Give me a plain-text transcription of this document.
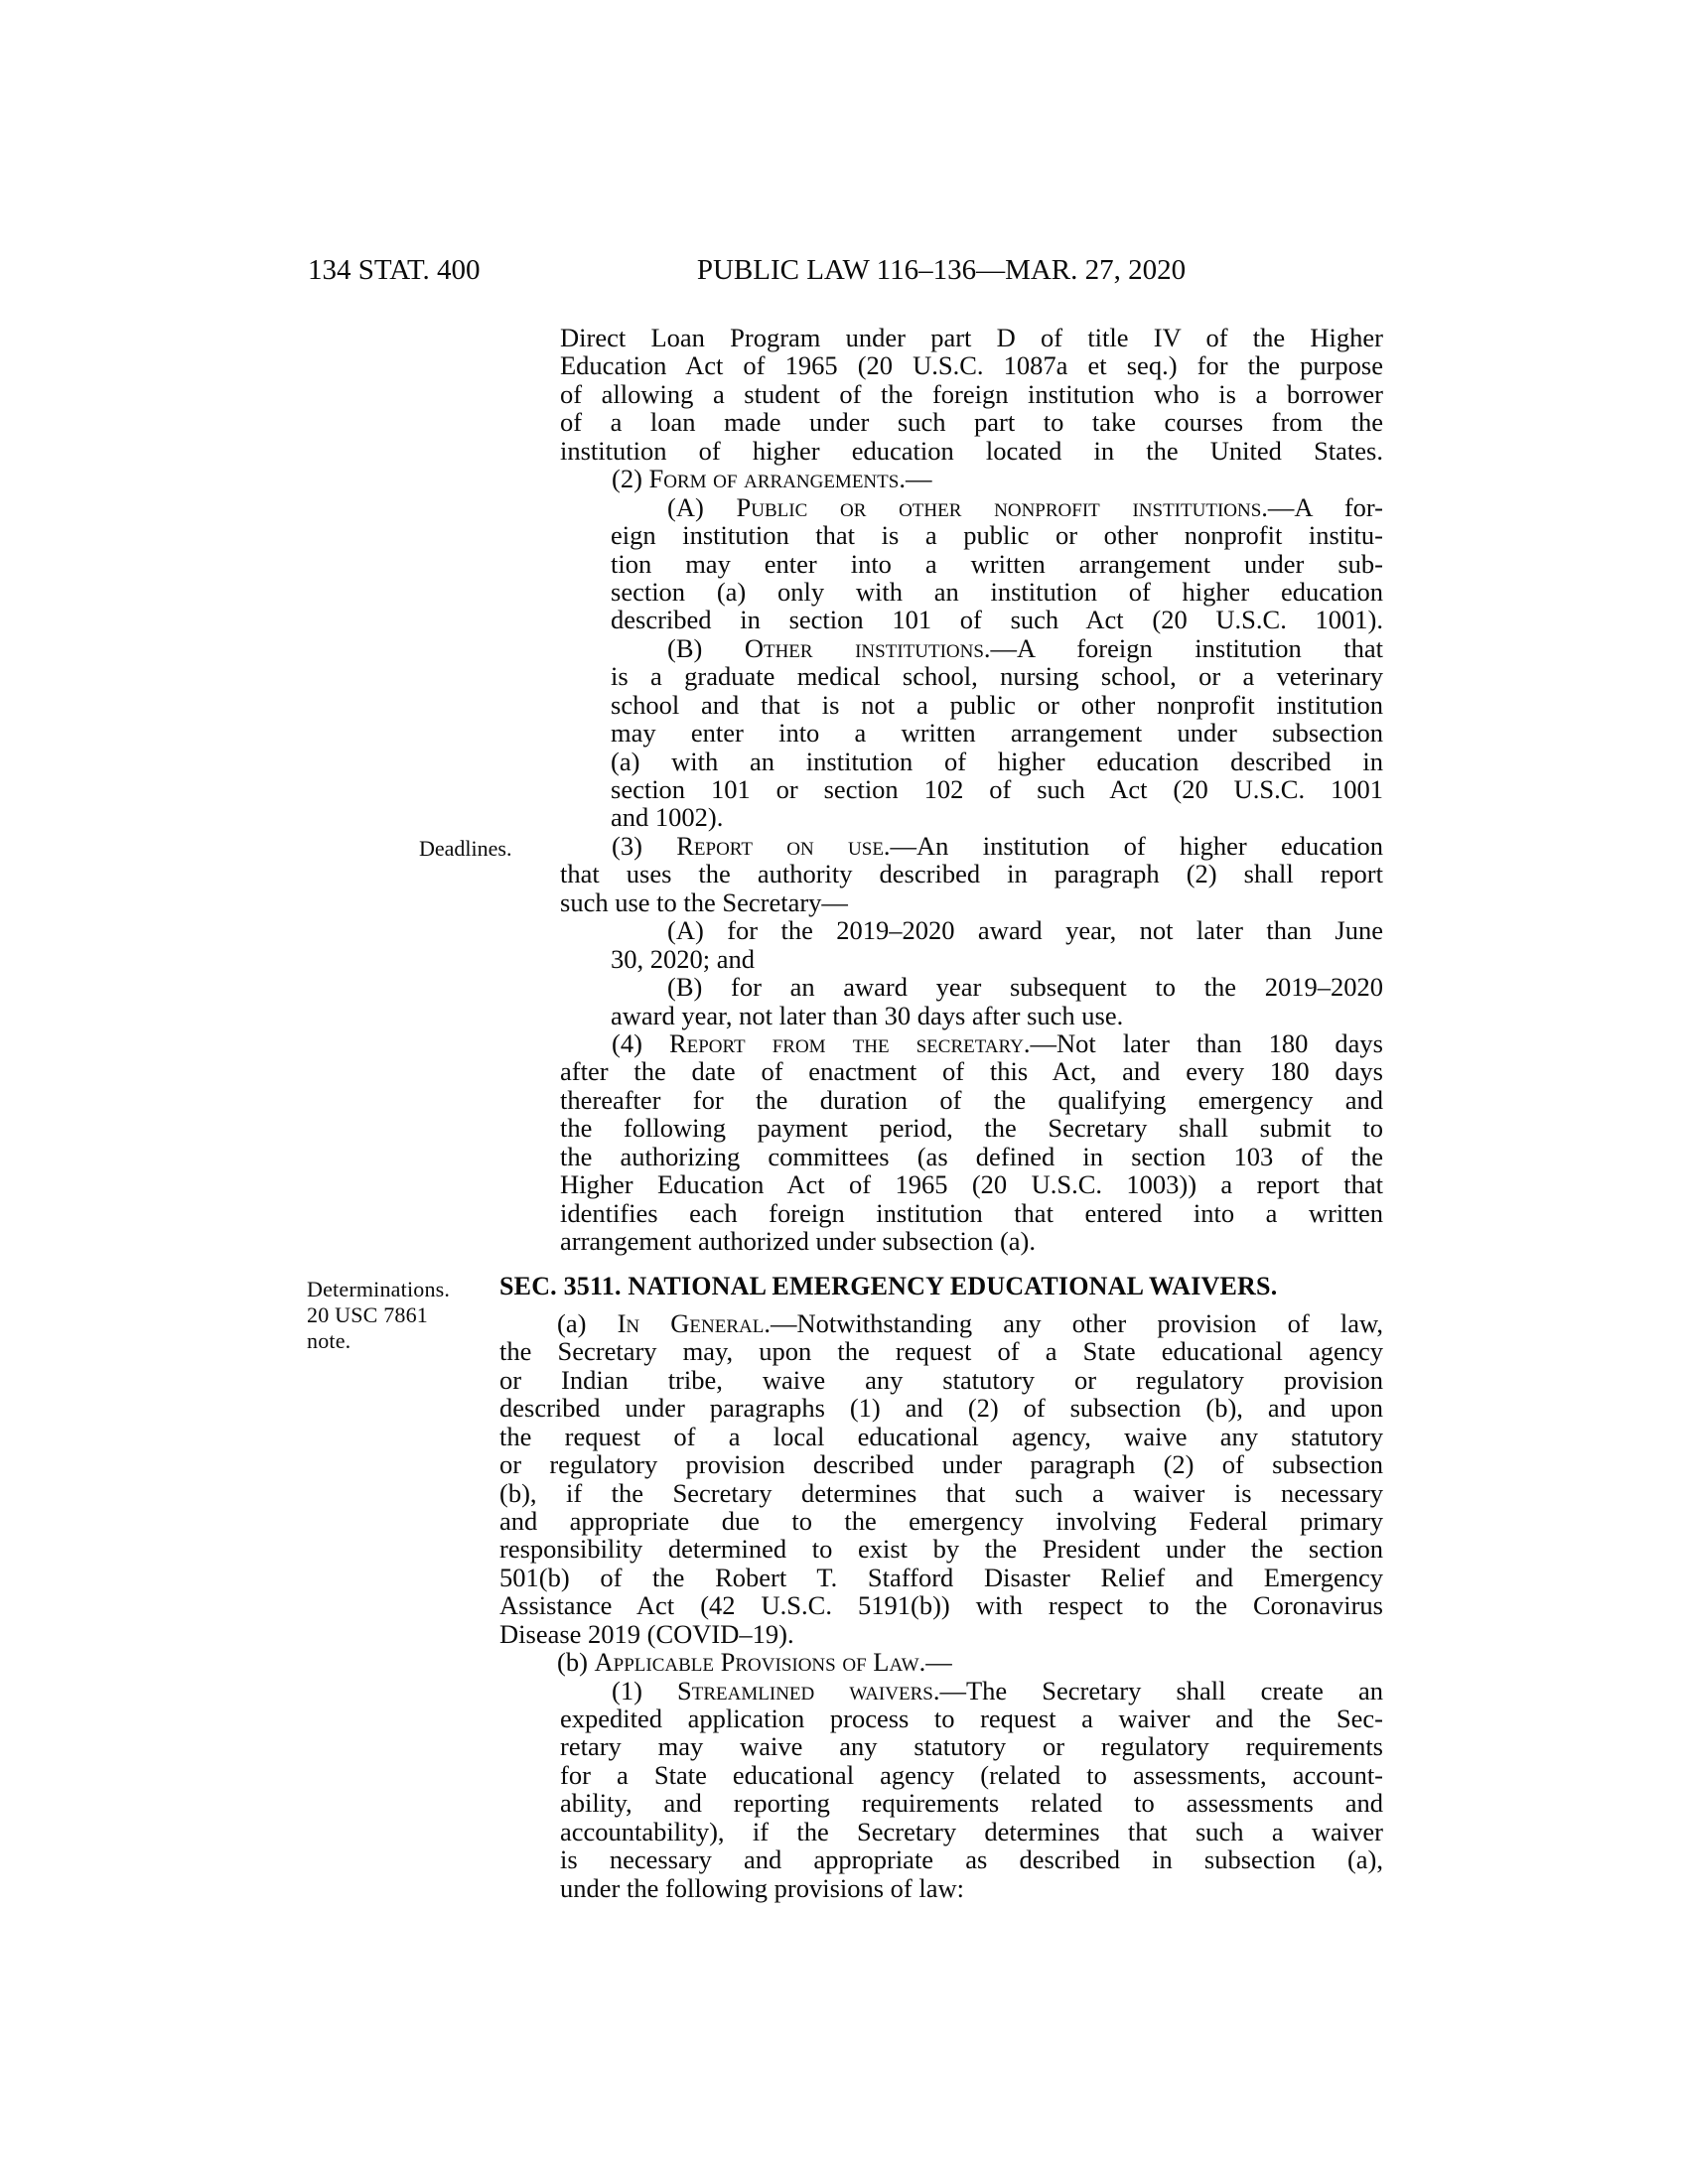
134 STAT. 400	PUBLIC LAW 116–136—MAR. 27, 2020
Direct Loan Program under part D of title IV of the Higher
Education Act of 1965 (20 U.S.C. 1087a et seq.) for the purpose
of allowing a student of the foreign institution who is a borrower
of a loan made under such part to take courses from the
institution of higher education located in the United States.
(2) Form of arrangements.—
(A) Public or other nonprofit institutions.—A for-
eign institution that is a public or other nonprofit institu-
tion may enter into a written arrangement under sub-
section (a) only with an institution of higher education
described in section 101 of such Act (20 U.S.C. 1001).
(B) Other institutions.—A foreign institution that
is a graduate medical school, nursing school, or a veterinary
school and that is not a public or other nonprofit institution
may enter into a written arrangement under subsection
(a) with an institution of higher education described in
section 101 or section 102 of such Act (20 U.S.C. 1001
and 1002).
(3) Report on use.—An institution of higher education
Deadlines.
that uses the authority described in paragraph (2) shall report
such use to the Secretary—
(A) for the 2019–2020 award year, not later than June
30, 2020; and
(B) for an award year subsequent to the 2019–2020
award year, not later than 30 days after such use.
(4) Report from the secretary.—Not later than 180 days
after the date of enactment of this Act, and every 180 days
thereafter for the duration of the qualifying emergency and
the following payment period, the Secretary shall submit to
the authorizing committees (as defined in section 103 of the
Higher Education Act of 1965 (20 U.S.C. 1003)) a report that
identifies each foreign institution that entered into a written
arrangement authorized under subsection (a).
SEC. 3511. NATIONAL EMERGENCY EDUCATIONAL WAIVERS.
Determinations.
20 USC 7861
note.
(a) In General.—Notwithstanding any other provision of law,
the Secretary may, upon the request of a State educational agency
or Indian tribe, waive any statutory or regulatory provision
described under paragraphs (1) and (2) of subsection (b), and upon
the request of a local educational agency, waive any statutory
or regulatory provision described under paragraph (2) of subsection
(b), if the Secretary determines that such a waiver is necessary
and appropriate due to the emergency involving Federal primary
responsibility determined to exist by the President under the section
501(b) of the Robert T. Stafford Disaster Relief and Emergency
Assistance Act (42 U.S.C. 5191(b)) with respect to the Coronavirus
Disease 2019 (COVID–19).
(b) Applicable Provisions of Law.—
(1) Streamlined waivers.—The Secretary shall create an
expedited application process to request a waiver and the Sec-
retary may waive any statutory or regulatory requirements
for a State educational agency (related to assessments, account-
ability, and reporting requirements related to assessments and
accountability), if the Secretary determines that such a waiver
is necessary and appropriate as described in subsection (a),
under the following provisions of law:
